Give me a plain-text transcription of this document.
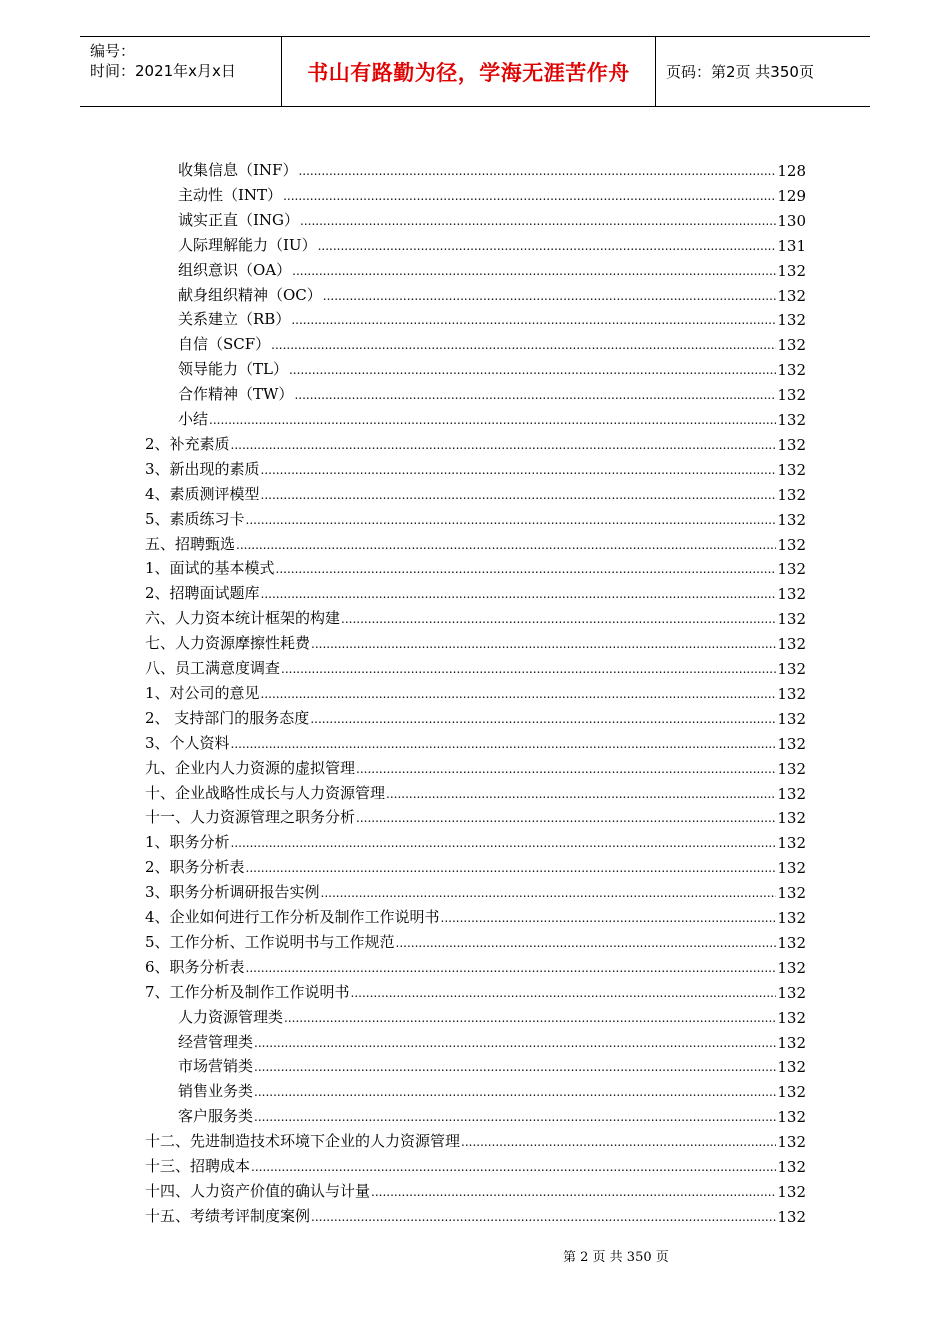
编号：
时间：2021年x月x日	书山有路勤为径，学海无涯苦作舟	页码：第2页 共350页
收集信息（INF） .....	128
主动性（INT） .....	129
诚实正直（ING） .....	130
人际理解能力（IU） .....	131
组织意识（OA） .....	132
献身组织精神（OC） .....	132
关系建立（RB） .....	132
自信（SCF） .....	132
领导能力（TL） .....	132
合作精神（TW） .....	132
小结 .....	132
2、补充素质 .....	132
3、新出现的素质 .....	132
4、素质测评模型 .....	132
5、素质练习卡 .....	132
五、招聘甄选 .....	132
1、面试的基本模式 .....	132
2、招聘面试题库 .....	132
六、人力资本统计框架的构建 .....	132
七、人力资源摩擦性耗费 .....	132
八、员工满意度调查 .....	132
1、对公司的意见 .....	132
2、 支持部门的服务态度 .....	132
3、个人资料 .....	132
九、企业内人力资源的虚拟管理 .....	132
十、企业战略性成长与人力资源管理 .....	132
十一、人力资源管理之职务分析 .....	132
1、职务分析 .....	132
2、职务分析表 .....	132
3、职务分析调研报告实例 .....	132
4、企业如何进行工作分析及制作工作说明书 .....	132
5、工作分析、工作说明书与工作规范 .....	132
6、职务分析表 .....	132
7、工作分析及制作工作说明书 .....	132
人力资源管理类 .....	132
经营管理类 .....	132
市场营销类 .....	132
销售业务类 .....	132
客户服务类 .....	132
十二、先进制造技术环境下企业的人力资源管理 .....	132
十三、招聘成本 .....	132
十四、人力资产价值的确认与计量 .....	132
十五、考绩考评制度案例 .....	132
第 2 页 共 350 页
